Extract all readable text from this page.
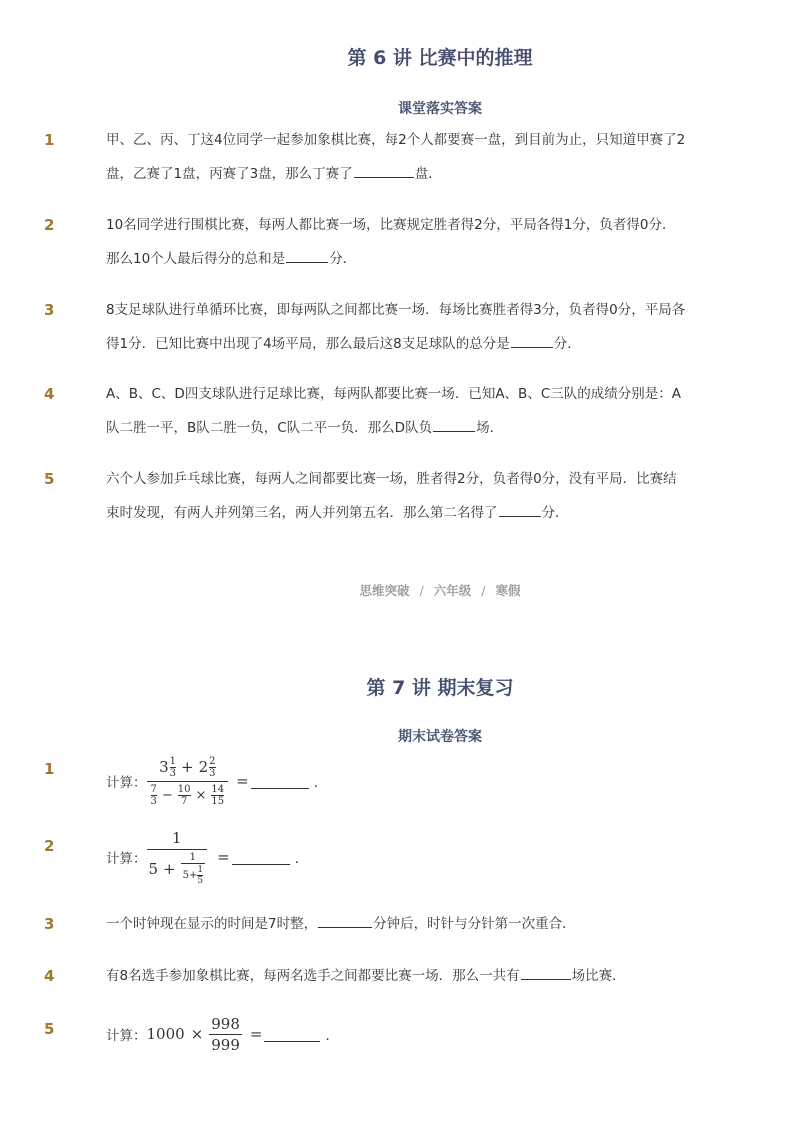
第 6 讲 比赛中的推理
课堂落实答案
1	甲、乙、丙、丁这4位同学一起参加象棋比赛，每2个人都要赛一盘，到目前为止，只知道甲赛了2
盘，乙赛了1盘，丙赛了3盘，那么丁赛了	盘．
2	10名同学进行围棋比赛，每两人都比赛一场，比赛规定胜者得2分，平局各得1分，负者得0分．
那么10个人最后得分的总和是	分．
3	8支足球队进行单循环比赛，即每两队之间都比赛一场．每场比赛胜者得3分，负者得0分，平局各
得1分．已知比赛中出现了4场平局，那么最后这8支足球队的总分是	分．
4	A、B、C、D四支球队进行足球比赛，每两队都要比赛一场．已知A、B、C三队的成绩分别是：A
队二胜一平，B队二胜一负，C队二平一负．那么D队负	场．
5	六个人参加乒乓球比赛，每两人之间都要比赛一场，胜者得2分，负者得0分，没有平局．比赛结
束时发现，有两人并列第三名，两人并列第五名．那么第二名得了	分．
思维突破 / 六年级 / 寒假
第 7 讲 期末复习
期末试卷答案
1
计算： $\frac{3 \frac{1}{3} + 2 \frac{2}{3}}{\frac{7}{3} - \frac{10}{7} \times \frac{14}{15}}$ =	．
2
计算：
1
$5 + \frac{1}{5+ \frac{1}{5}}$ =	．
3	一个时钟现在显示的时间是7时整，	分钟后，时针与分针第一次重合．
4	有8名选手参加象棋比赛，每两名选手之间都要比赛一场．那么一共有	场比赛．
5	计算： $1000 \times \frac{998}{999}$ =	．
